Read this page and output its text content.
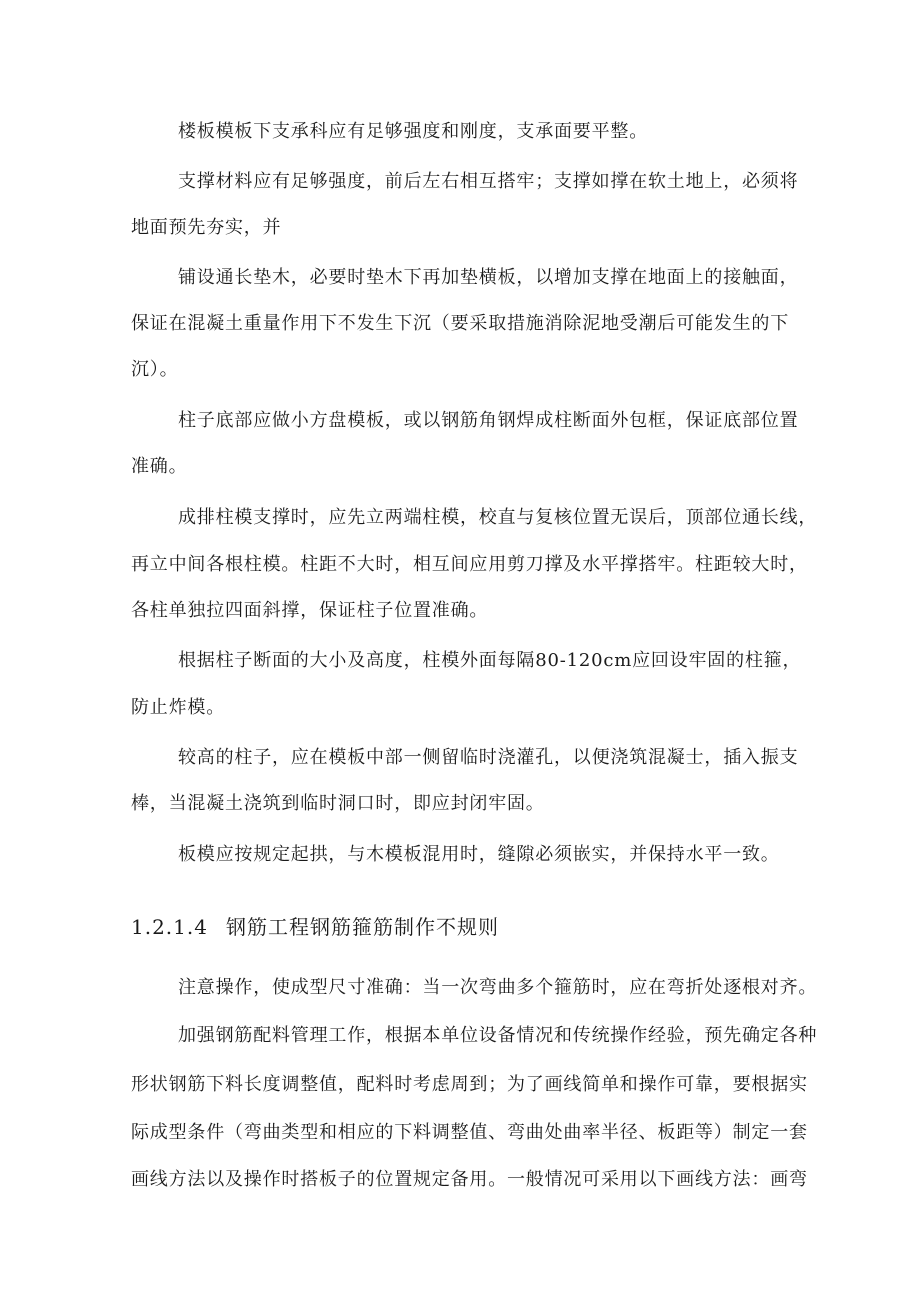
楼板模板下支承科应有足够强度和刚度，支承面要平整。
支撑材料应有足够强度，前后左右相互搭牢；支撑如撑在软土地上，必须将
地面预先夯实，并
铺设通长垫木，必要时垫木下再加垫横板，以增加支撑在地面上的接触面，
保证在混凝土重量作用下不发生下沉（要采取措施消除泥地受潮后可能发生的下
沉）。
柱子底部应做小方盘模板，或以钢筋角钢焊成柱断面外包框，保证底部位置
准确。
成排柱模支撑时，应先立两端柱模，校直与复核位置无误后，顶部位通长线，
再立中间各根柱模。柱距不大时，相互间应用剪刀撑及水平撑搭牢。柱距较大时，
各柱单独拉四面斜撑，保证柱子位置准确。
根据柱子断面的大小及高度，柱模外面每隔80-120cm应回设牢固的柱箍，
防止炸模。
较高的柱子，应在模板中部一侧留临时浇灌孔，以便浇筑混凝士，插入振支
棒，当混凝土浇筑到临时洞口时，即应封闭牢固。
板模应按规定起拱，与木模板混用时，缝隙必须嵌实，并保持水平一致。
1.2.1.4 钢筋工程钢筋箍筋制作不规则
注意操作，使成型尺寸准确：当一次弯曲多个箍筋时，应在弯折处逐根对齐。
加强钢筋配料管理工作，根据本单位设备情况和传统操作经验，预先确定各种
形状钢筋下料长度调整值，配料时考虑周到；为了画线简单和操作可靠，要根据实
际成型条件（弯曲类型和相应的下料调整值、弯曲处曲率半径、板距等）制定一套
画线方法以及操作时搭板子的位置规定备用。一般情况可采用以下画线方法：画弯
